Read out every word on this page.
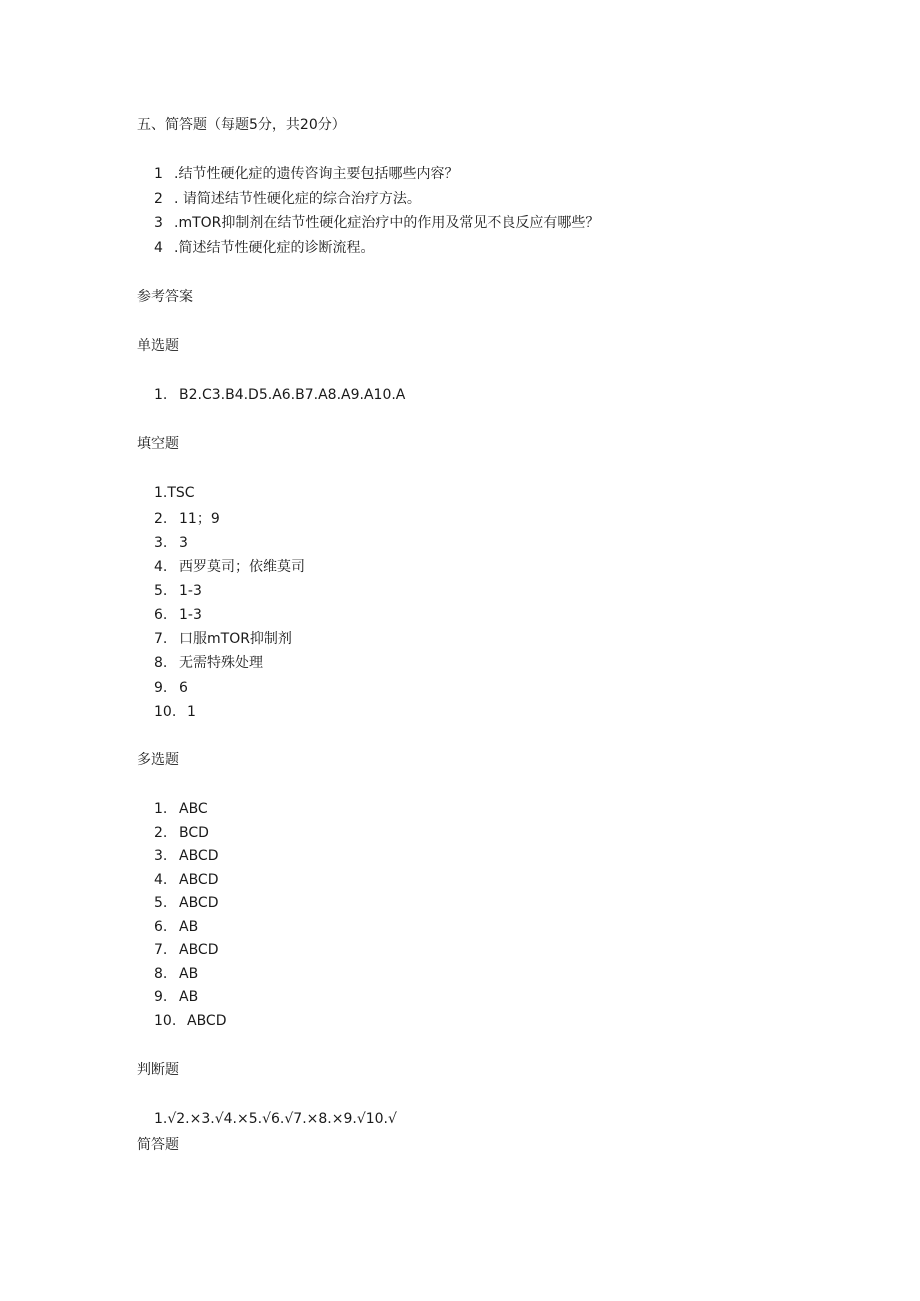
五、简答题（每题5分，共20分）
1 .结节性硬化症的遗传咨询主要包括哪些内容？
2 . 请简述结节性硬化症的综合治疗方法。
3 .mTOR抑制剂在结节性硬化症治疗中的作用及常见不良反应有哪些？
4 .简述结节性硬化症的诊断流程。
参考答案
单选题
1. B2.C3.B4.D5.A6.B7.A8.A9.A10.A
填空题
1.TSC
2. 11；9
3. 3
4. 西罗莫司；依维莫司
5. 1-3
6. 1-3
7. 口服mTOR抑制剂
8. 无需特殊处理
9. 6
10. 1
多选题
1. ABC
2. BCD
3. ABCD
4. ABCD
5. ABCD
6. AB
7. ABCD
8. AB
9. AB
10. ABCD
判断题
1.√2.×3.√4.×5.√6.√7.×8.×9.√10.√
简答题
